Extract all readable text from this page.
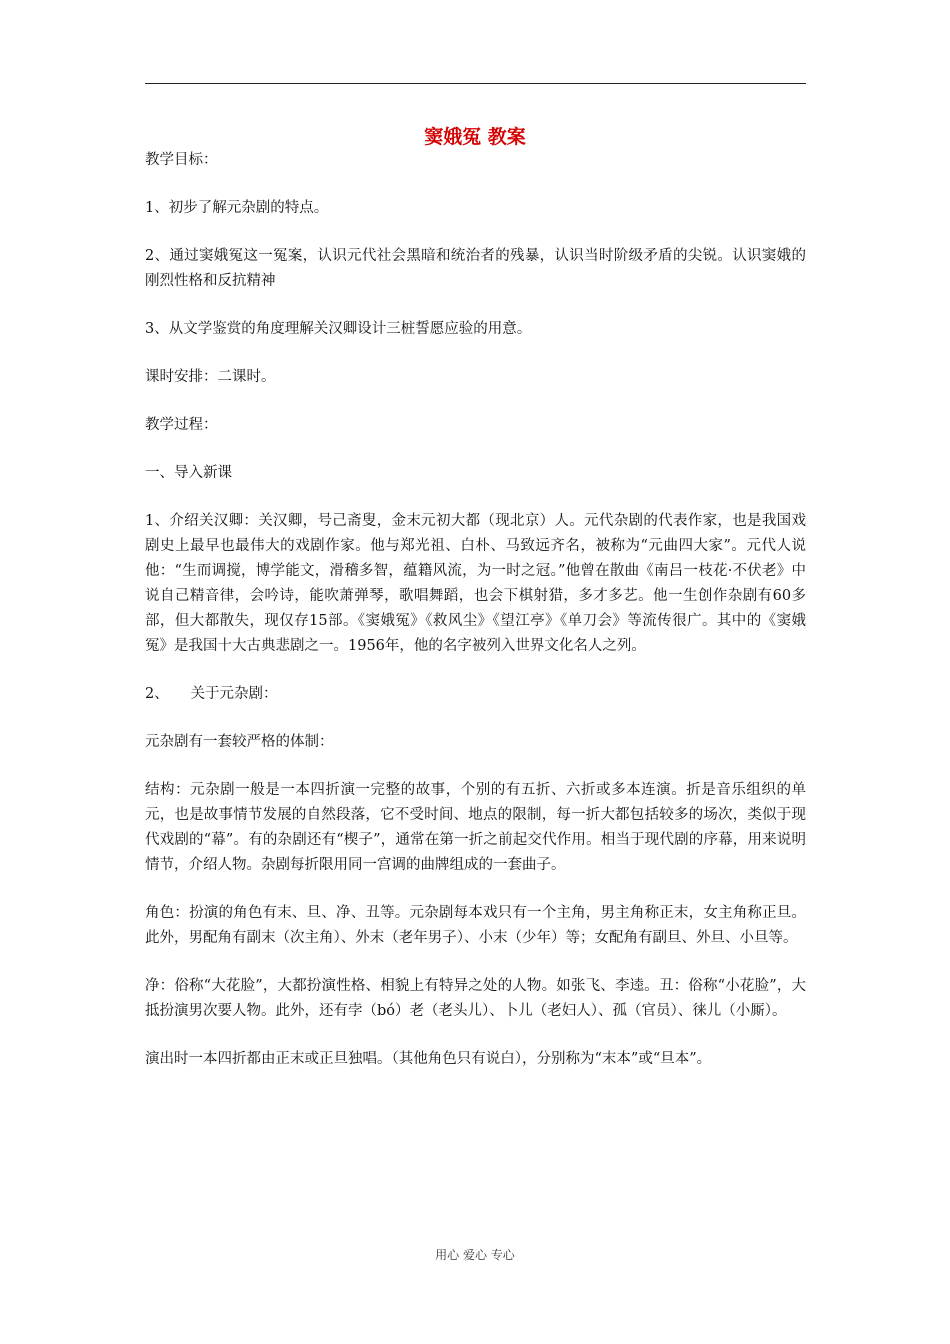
窦娥冤 教案

教学目标：

1、初步了解元杂剧的特点。

2、通过窦娥冤这一冤案，认识元代社会黑暗和统治者的残暴，认识当时阶级矛盾的尖锐。认识窦娥的刚烈性格和反抗精神

3、从文学鉴赏的角度理解关汉卿设计三桩誓愿应验的用意。

课时安排：二课时。

教学过程：

一、导入新课

1、介绍关汉卿：关汉卿，号己斋叟，金末元初大都（现北京）人。元代杂剧的代表作家，也是我国戏剧史上最早也最伟大的戏剧作家。他与郑光祖、白朴、马致远齐名，被称为“元曲四大家”。元代人说他：“生而调搅，博学能文，滑稽多智，蕴籍风流，为一时之冠。”他曾在散曲《南吕一枝花·不伏老》中说自己精音律，会吟诗，能吹萧弹琴，歌唱舞蹈，也会下棋射猎，多才多艺。他一生创作杂剧有60多部，但大都散失，现仅存15部。《窦娥冤》《救风尘》《望江亭》《单刀会》等流传很广。其中的《窦娥冤》是我国十大古典悲剧之一。1956年，他的名字被列入世界文化名人之列。

2、　　关于元杂剧：

元杂剧有一套较严格的体制：

结构：元杂剧一般是一本四折演一完整的故事，个别的有五折、六折或多本连演。折是音乐组织的单元，也是故事情节发展的自然段落，它不受时间、地点的限制，每一折大都包括较多的场次，类似于现代戏剧的“幕”。有的杂剧还有“楔子”，通常在第一折之前起交代作用。相当于现代剧的序幕，用来说明情节，介绍人物。杂剧每折限用同一宫调的曲牌组成的一套曲子。

角色：扮演的角色有末、旦、净、丑等。元杂剧每本戏只有一个主角，男主角称正末，女主角称正旦。此外，男配角有副末（次主角）、外末（老年男子）、小末（少年）等；女配角有副旦、外旦、小旦等。

净：俗称“大花脸”，大都扮演性格、相貌上有特异之处的人物。如张飞、李逵。丑：俗称“小花脸”，大抵扮演男次要人物。此外，还有孛（bó）老（老头儿）、卜儿（老妇人）、孤（官员）、徕儿（小厮）。

演出时一本四折都由正末或正旦独唱。（其他角色只有说白），分别称为“末本”或“旦本”。

用心 爱心 专心
